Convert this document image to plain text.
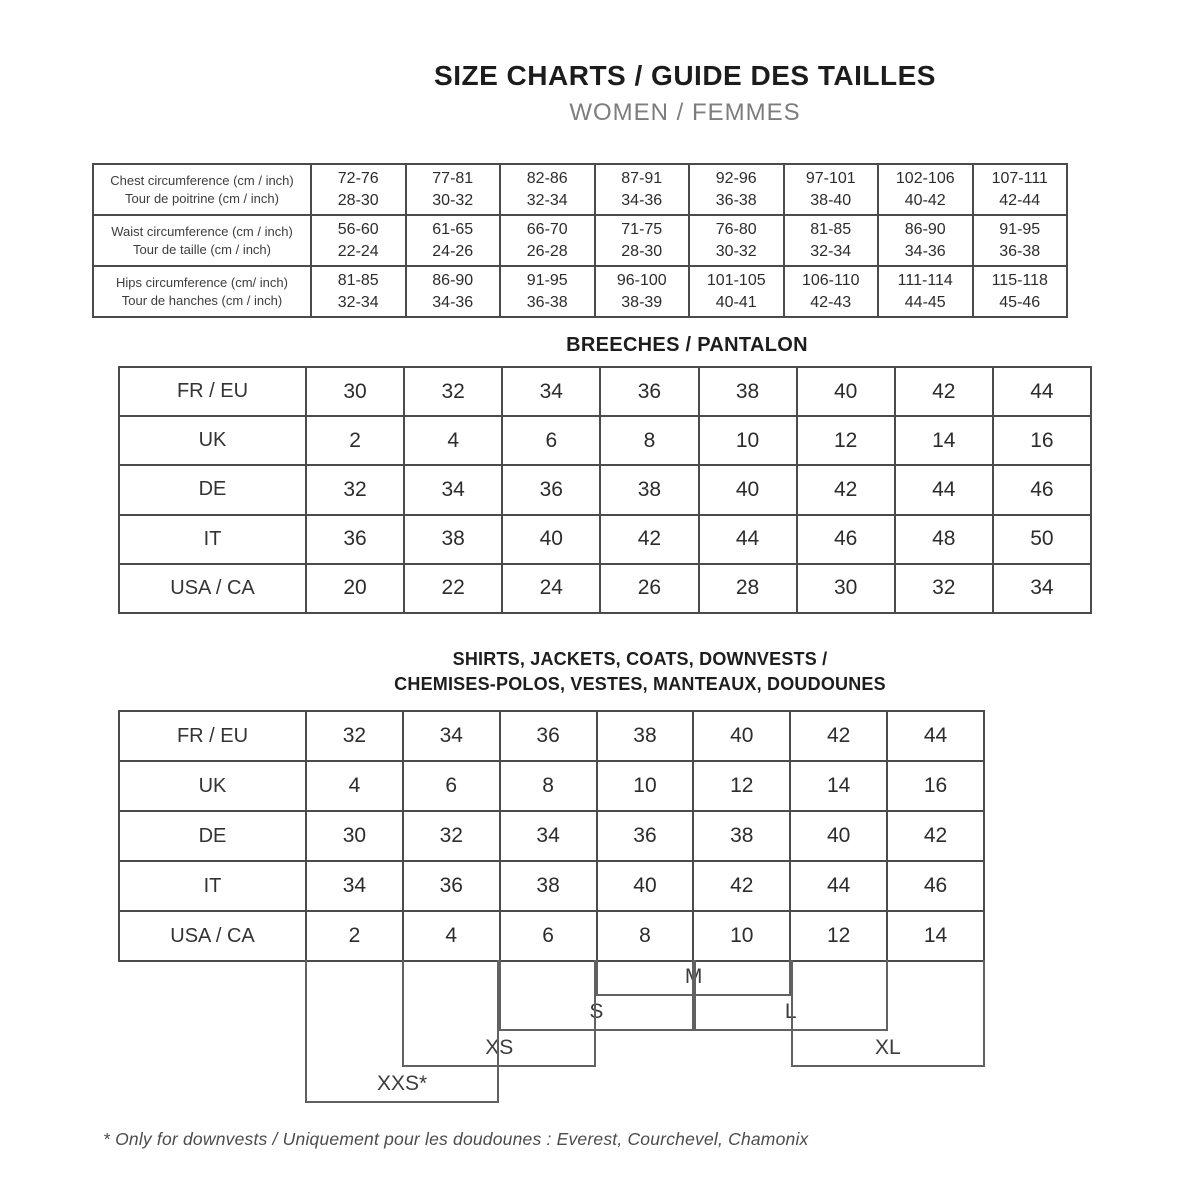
SIZE CHARTS / GUIDE DES TAILLES
WOMEN / FEMMES
Chest circumference (cm / inch)
Tour de poitrine (cm / inch)

72-76
28-30

77-81
30-32

82-86
32-34

87-91
34-36

92-96
36-38

97-101
38-40

102-106
40-42

107-111
42-44

Waist circumference (cm / inch)
Tour de taille (cm / inch)

56-60
22-24

61-65
24-26

66-70
26-28

71-75
28-30

76-80
30-32

81-85
32-34

86-90
34-36

91-95
36-38

Hips circumference (cm/ inch)
Tour de hanches (cm / inch)

81-85
32-34

86-90
34-36

91-95
36-38

96-100
38-39

101-105
40-41

106-110
42-43

111-114
44-45

115-118
45-46
BREECHES / PANTALON
FR / EU	30	32	34	36	38	40	42	44
UK	2	4	6	8	10	12	14	16
DE	32	34	36	38	40	42	44	46
IT	36	38	40	42	44	46	48	50
USA / CA	20	22	24	26	28	30	32	34
SHIRTS, JACKETS, COATS, DOWNVESTS /
CHEMISES-POLOS, VESTES, MANTEAUX, DOUDOUNES
FR / EU	32	34	36	38	40	42	44
UK	4	6	8	10	12	14	16
DE	30	32	34	36	38	40	42
IT	34	36	38	40	42	44	46
USA / CA	2	4	6	8	10	12	14
M
S	L
XS	XL
XXS*
* Only for downvests / Uniquement pour les doudounes : Everest, Courchevel, Chamonix
